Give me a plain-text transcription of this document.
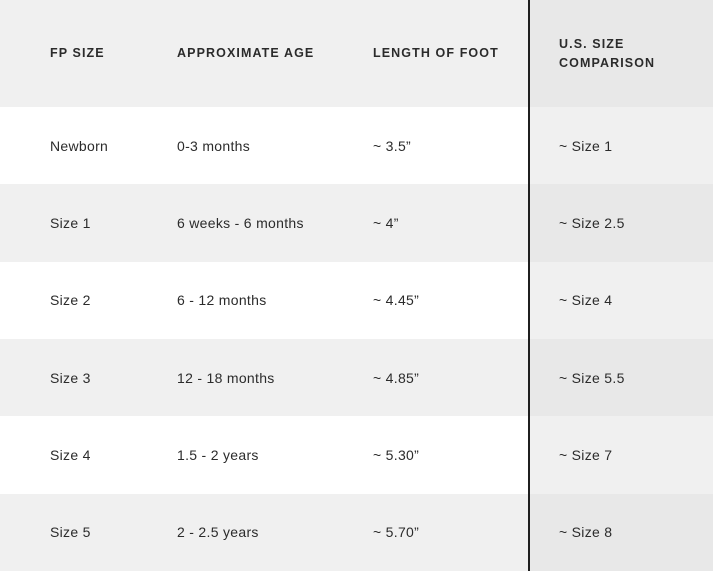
FP SIZE	APPROXIMATE AGE	LENGTH OF FOOT	U.S. SIZE COMPARISON
Newborn	0-3 months	~ 3.5”	~ Size 1
Size 1	6 weeks - 6 months	~ 4”	~ Size 2.5
Size 2	6 - 12 months	~ 4.45”	~ Size 4
Size 3	12 - 18 months	~ 4.85”	~ Size 5.5
Size 4	1.5 - 2 years	~ 5.30”	~ Size 7
Size 5	2 - 2.5 years	~ 5.70”	~ Size 8
